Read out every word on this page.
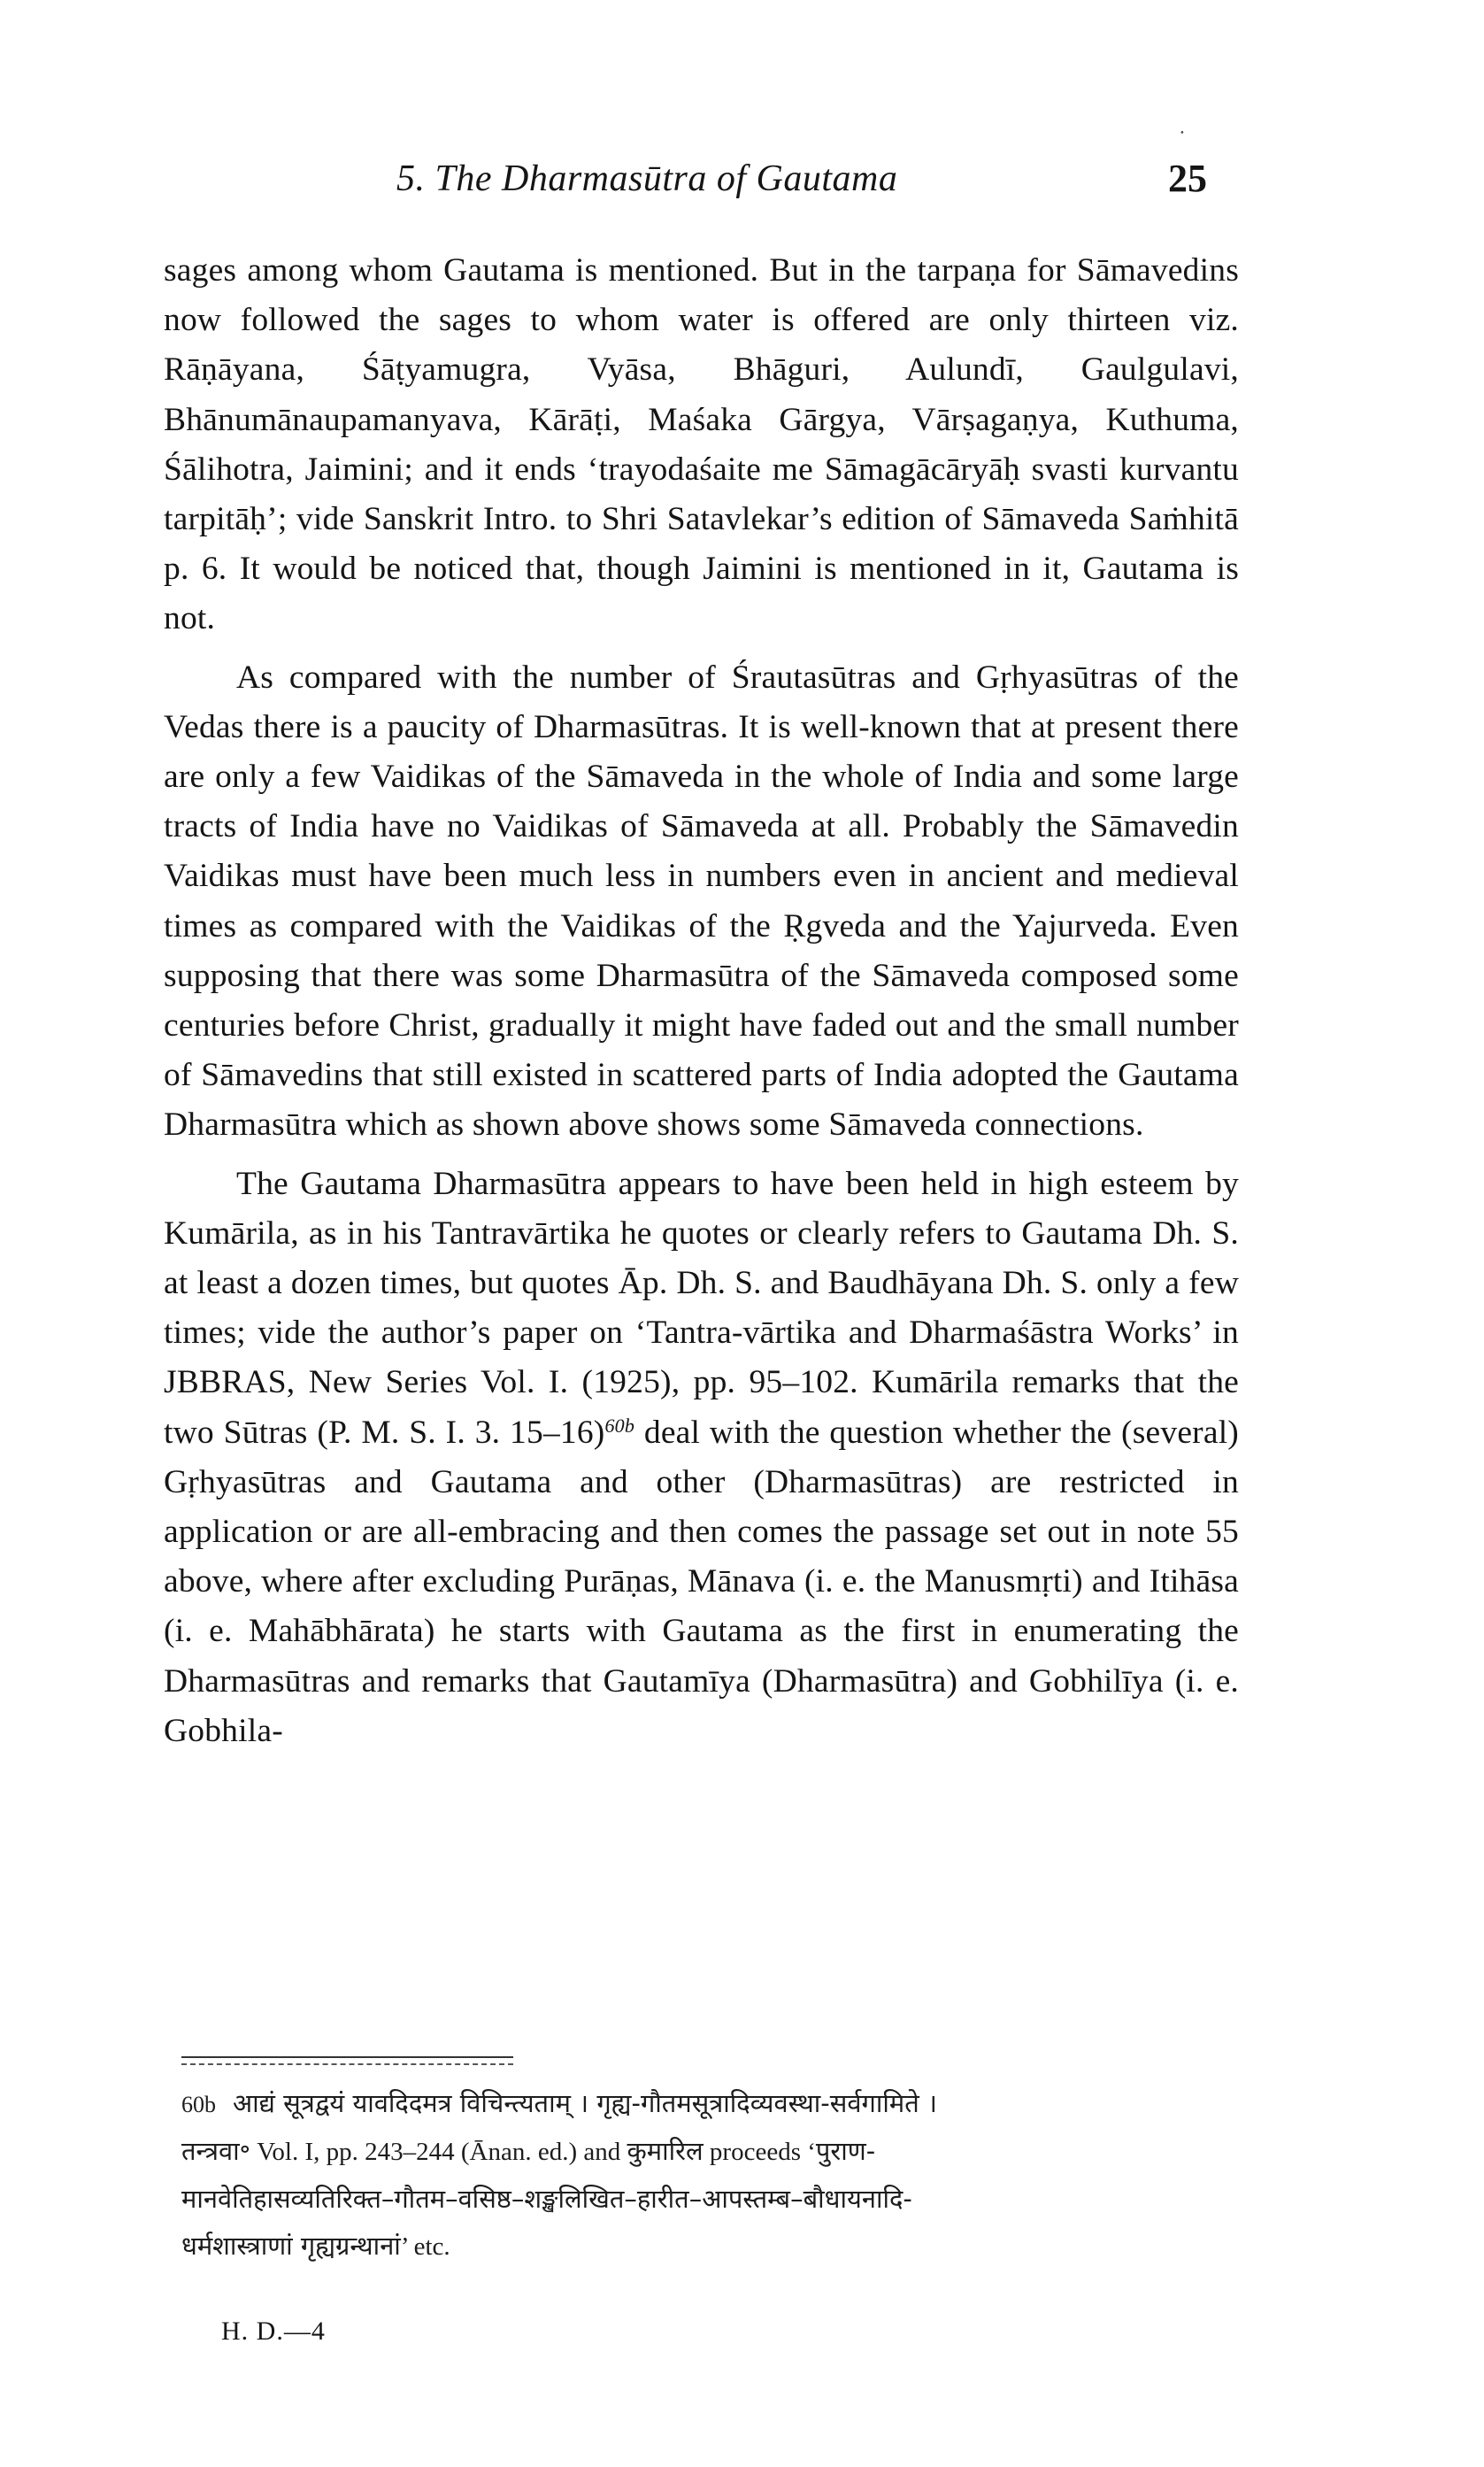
·
5. The Dharmasūtra of Gautama	25

sages among whom Gautama is mentioned. But in the tarpaṇa for Sāmavedins now followed the sages to whom water is offered are only thirteen viz. Rāṇāyana, Śāṭyamugra, Vyāsa, Bhāguri, Aulundī, Gaulgulavi, Bhānumānaupamanyava, Kārāṭi, Maśaka Gārgya, Vārṣagaṇya, Kuthuma, Śālihotra, Jaimini; and it ends ‘trayodaśaite me Sāmagācāryāḥ svasti kurvantu tarpitāḥ’; vide Sanskrit Intro. to Shri Satavlekar’s edition of Sāmaveda Saṁhitā p. 6. It would be noticed that, though Jaimini is mentioned in it, Gautama is not.

As compared with the number of Śrautasūtras and Gṛhyasūtras of the Vedas there is a paucity of Dharmasūtras. It is well-known that at present there are only a few Vaidikas of the Sāmaveda in the whole of India and some large tracts of India have no Vaidikas of Sāmaveda at all. Probably the Sāmavedin Vaidikas must have been much less in numbers even in ancient and medieval times as compared with the Vaidikas of the Ṛgveda and the Yajurveda. Even supposing that there was some Dharmasūtra of the Sāmaveda composed some centuries before Christ, gradually it might have faded out and the small number of Sāmavedins that still existed in scattered parts of India adopted the Gautama Dharmasūtra which as shown above shows some Sāmaveda connections.

The Gautama Dharmasūtra appears to have been held in high esteem by Kumārila, as in his Tantravārtika he quotes or clearly refers to Gautama Dh. S. at least a dozen times, but quotes Āp. Dh. S. and Baudhāyana Dh. S. only a few times; vide the author’s paper on ‘Tantra-vārtika and Dharmaśāstra Works’ in JBBRAS, New Series Vol. I. (1925), pp. 95–102. Kumārila remarks that the two Sūtras (P. M. S. I. 3. 15–16)$^{60b}$ deal with the question whether the (several) Gṛhyasūtras and Gautama and other (Dharmasūtras) are restricted in application or are all-embracing and then comes the passage set out in note 55 above, where after excluding Purāṇas, Mānava (i. e. the Manusmṛti) and Itihāsa (i. e. Mahābhārata) he starts with Gautama as the first in enumerating the Dharmasūtras and remarks that Gautamīya (Dharmasūtra) and Gobhilīya (i. e. Gobhila-

60b आद्यं सूत्रद्वयं यावदिदमत्र विचिन्त्यताम् । गृह्य-गौतमसूत्रादिव्यवस्था-सर्वगामिते ।
तन्त्रवा॰ Vol. I, pp. 243–244 (Ānan. ed.) and कुमारिल proceeds ‘पुराण-
मानवेतिहासव्यतिरिक्त–गौतम–वसिष्ठ–शङ्खलिखित–हारीत–आपस्तम्ब–बौधायनादि-
धर्मशास्त्राणां गृह्यग्रन्थानां’ etc.
H. D.—4
